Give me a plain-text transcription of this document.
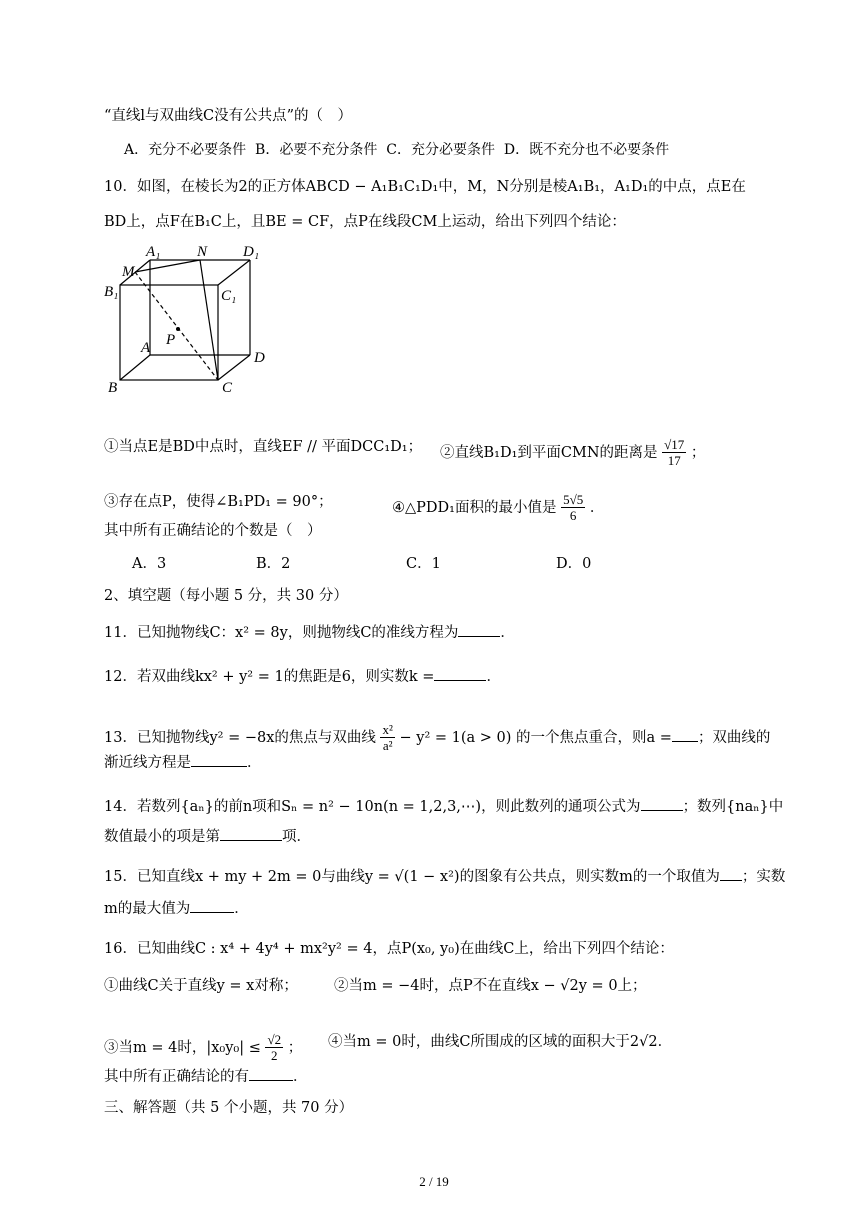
“直线l与双曲线C没有公共点”的（　）
A．充分不必要条件 B．必要不充分条件 C．充分必要条件 D．既不充分也不必要条件
10．如图，在棱长为2的正方体ABCD − A₁B₁C₁D₁中，M，N分别是棱A₁B₁，A₁D₁的中点，点E在
BD上，点F在B₁C上，且BE = CF，点P在线段CM上运动，给出下列四个结论：
A₁ N D₁
M
B₁	C₁
P
A
D
B	C
①当点E是BD中点时，直线EF // 平面DCC₁D₁； ②直线B₁D₁到平面CMN的距离是 $\frac{√17}{17}$ ；
③存在点P，使得∠B₁PD₁ = 90°；	④△PDD₁面积的最小值是 $\frac{5√5}{6}$ ．
其中所有正确结论的个数是（　）
A．3	B．2	C．1	D．0
2、填空题（每小题 5 分，共 30 分）
11．已知抛物线C：x² = 8y，则抛物线C的准线方程为	．
12．若双曲线kx² + y² = 1的焦距是6，则实数k =	．
13．已知抛物线y² = −8x的焦点与双曲线 $\frac{\text{x²}}{\text{a²}} - y^2 = 1(a > 0)$ 的一个焦点重合，则a = ；双曲线的
渐近线方程是	．
14．若数列{aₙ}的前n项和Sₙ = n² − 10n(n = 1,2,3,⋯)，则此数列的通项公式为	；数列{naₙ}中
数值最小的项是第	项．
15．已知直线x + my + 2m = 0与曲线y = √(1 − x²)的图象有公共点，则实数m的一个取值为 ；实数
m的最大值为	．
16．已知曲线C : x⁴ + 4y⁴ + mx²y² = 4，点P(x₀, y₀)在曲线C上，给出下列四个结论：
①曲线C关于直线y = x对称； ②当m = −4时，点P不在直线x − √2y = 0上；
③当m = 4时，$|x_0y_0| \le \frac{√2}{2}$ ； ④当m = 0时，曲线C所围成的区域的面积大于2√2．
其中所有正确结论的有	．
三、解答题（共 5 个小题，共 70 分）
2 / 19
